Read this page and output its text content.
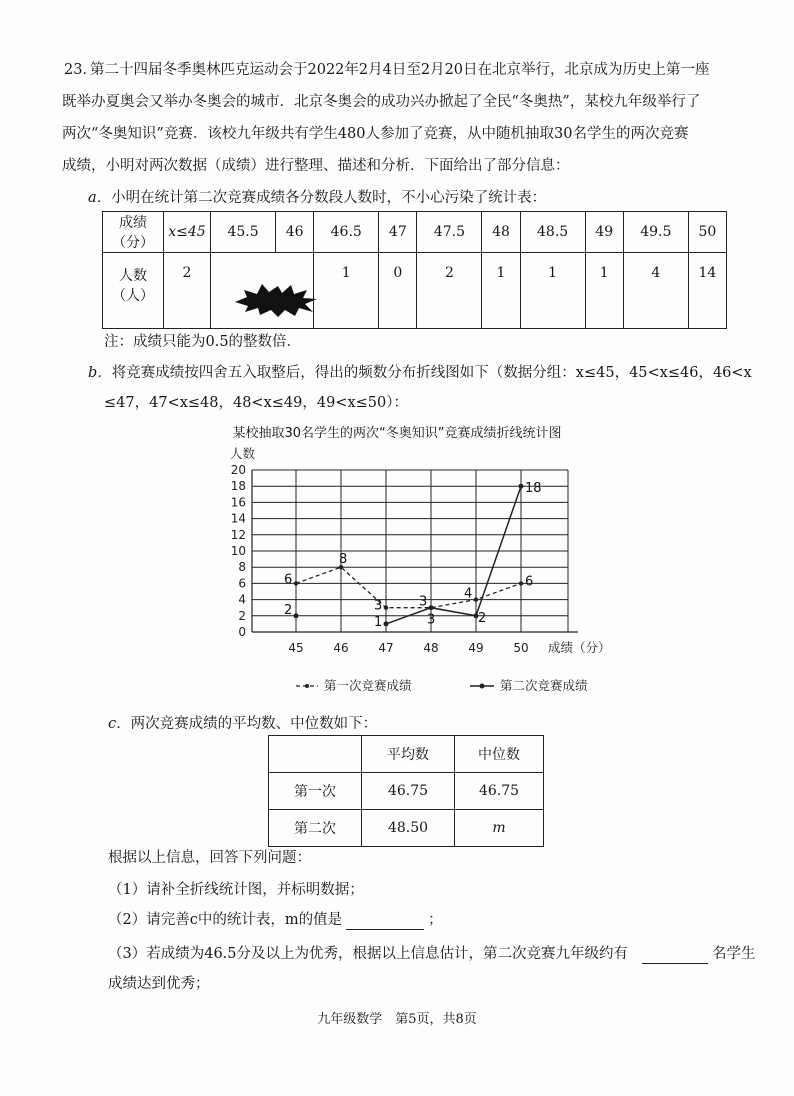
23．
第二十四届冬季奥林匹克运动会于2022年2月4日至2月20日在北京举行，北京成为历史上第一座
既举办夏奥会又举办冬奥会的城市．北京冬奥会的成功兴办掀起了全民“冬奥热”，某校九年级举行了
两次“冬奥知识”竞赛．该校九年级共有学生480人参加了竞赛，从中随机抽取30名学生的两次竞赛
成绩，小明对两次数据（成绩）进行整理、描述和分析．下面给出了部分信息：
a．小明在统计第二次竞赛成绩各分数段人数时，不小心污染了统计表：
成绩（分）	x≤45	45.5	46	46.5	47	47.5	48	48.5	49	49.5	50
人数（人）	2			1	0	2	1	1	1	4	14
注：成绩只能为0.5的整数倍．
b．将竞赛成绩按四舍五入取整后，得出的频数分布折线图如下（数据分组：x≤45，45<x≤46，46<x
≤47，47<x≤48，48<x≤49，49<x≤50）：
某校抽取30名学生的两次“冬奥知识”竞赛成绩折线统计图
0
2
4
6
8
10
12
14
16
18
20
45 46 47 48 49 50
人数
成绩（分）
6
8
3	3
4
6
1	3	2
18
2
第一次竞赛成绩	第二次竞赛成绩
c．两次竞赛成绩的平均数、中位数如下：
	平均数	中位数
第一次	46.75	46.75
第二次	48.50	m
根据以上信息，回答下列问题：
（1）请补全折线统计图，并标明数据；
（2）请完善c中的统计表，m的值是	；
（3）若成绩为46.5分及以上为优秀，根据以上信息估计，第二次竞赛九年级约有	名学生
成绩达到优秀；
九年级数学　第5页，共8页
